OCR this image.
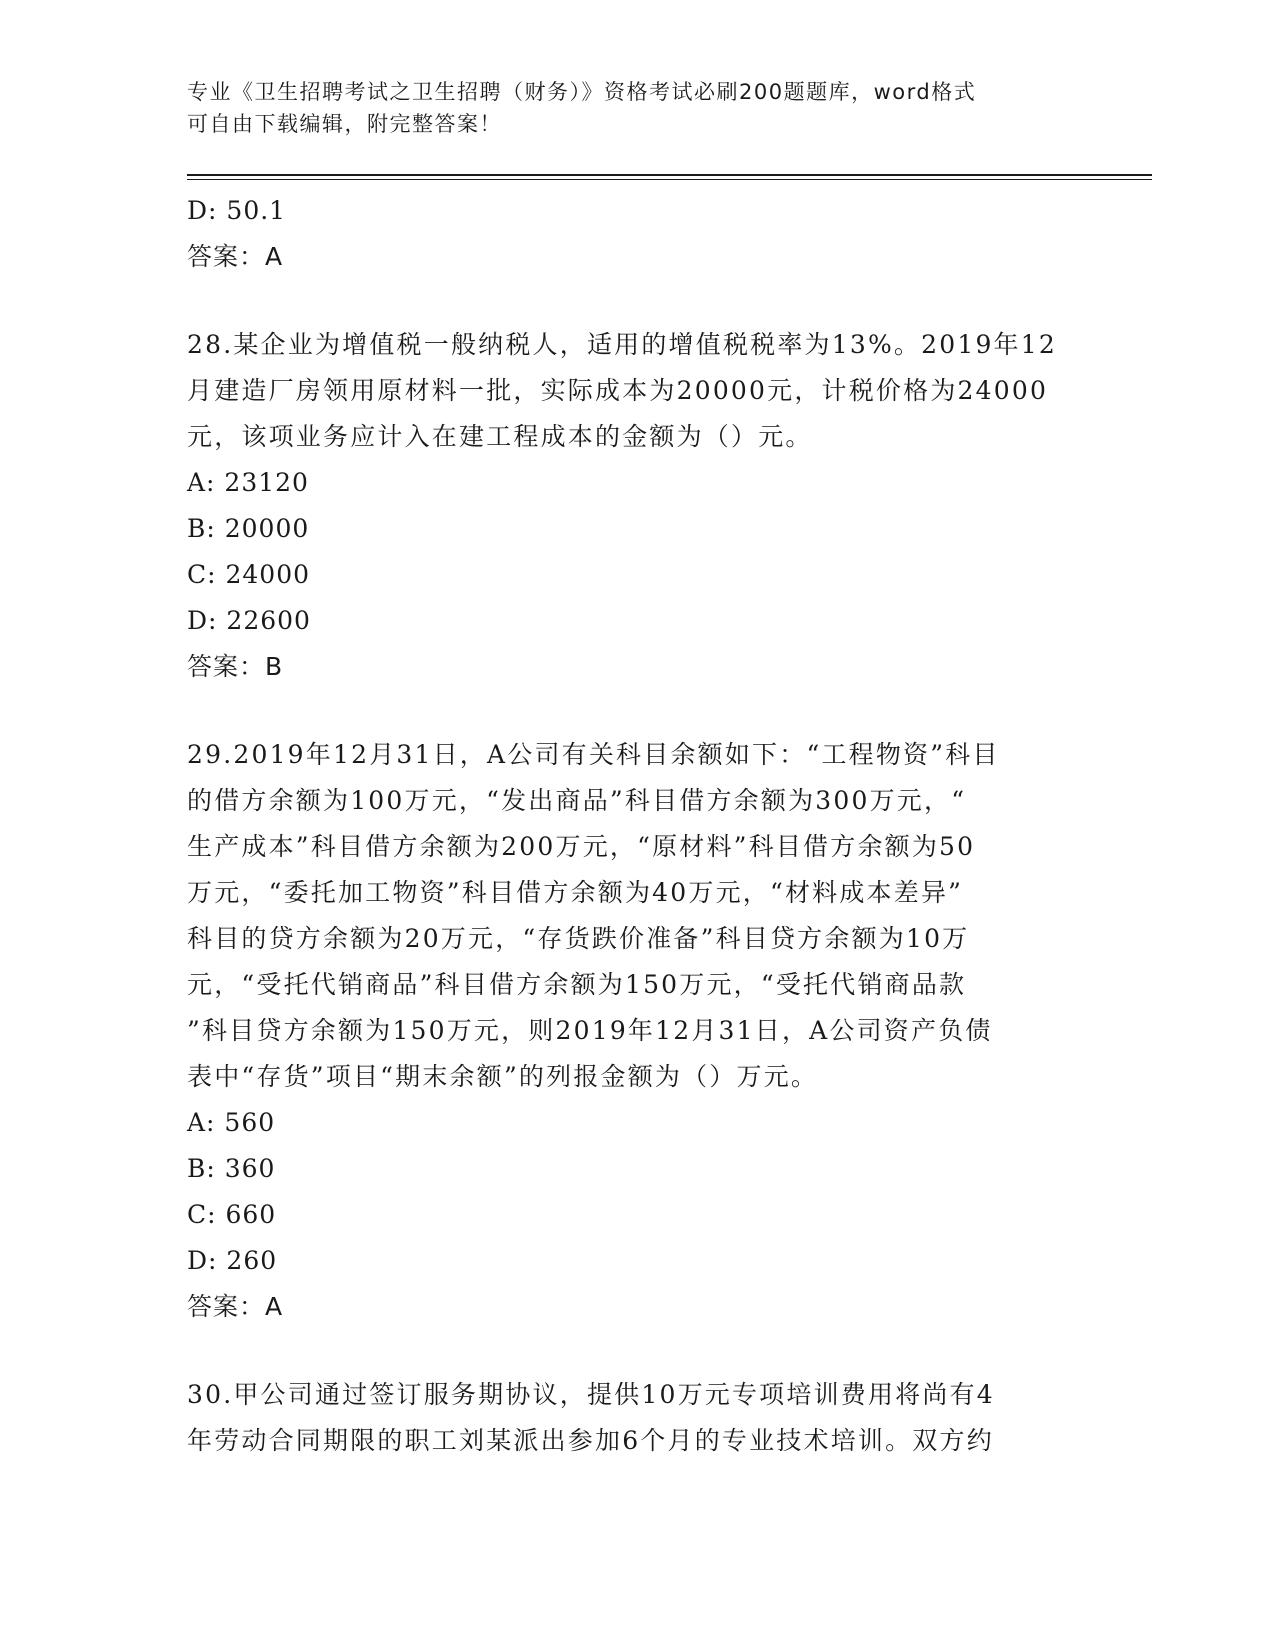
专业《卫生招聘考试之卫生招聘（财务）》资格考试必刷200题题库，word格式
可自由下载编辑，附完整答案！
D: 50.1
答案：A
28.某企业为增值税一般纳税人，适用的增值税税率为13%。2019年12
月建造厂房领用原材料一批，实际成本为20000元，计税价格为24000
元，该项业务应计入在建工程成本的金额为（）元。
A: 23120
B: 20000
C: 24000
D: 22600
答案：B
29.2019年12月31日，A公司有关科目余额如下：“工程物资”科目
的借方余额为100万元，“发出商品”科目借方余额为300万元，“
生产成本”科目借方余额为200万元，“原材料”科目借方余额为50
万元，“委托加工物资”科目借方余额为40万元，“材料成本差异”
科目的贷方余额为20万元，“存货跌价准备”科目贷方余额为10万
元，“受托代销商品”科目借方余额为150万元，“受托代销商品款
”科目贷方余额为150万元，则2019年12月31日，A公司资产负债
表中“存货”项目“期末余额”的列报金额为（）万元。
A: 560
B: 360
C: 660
D: 260
答案：A
30.甲公司通过签订服务期协议，提供10万元专项培训费用将尚有4
年劳动合同期限的职工刘某派出参加6个月的专业技术培训。双方约
